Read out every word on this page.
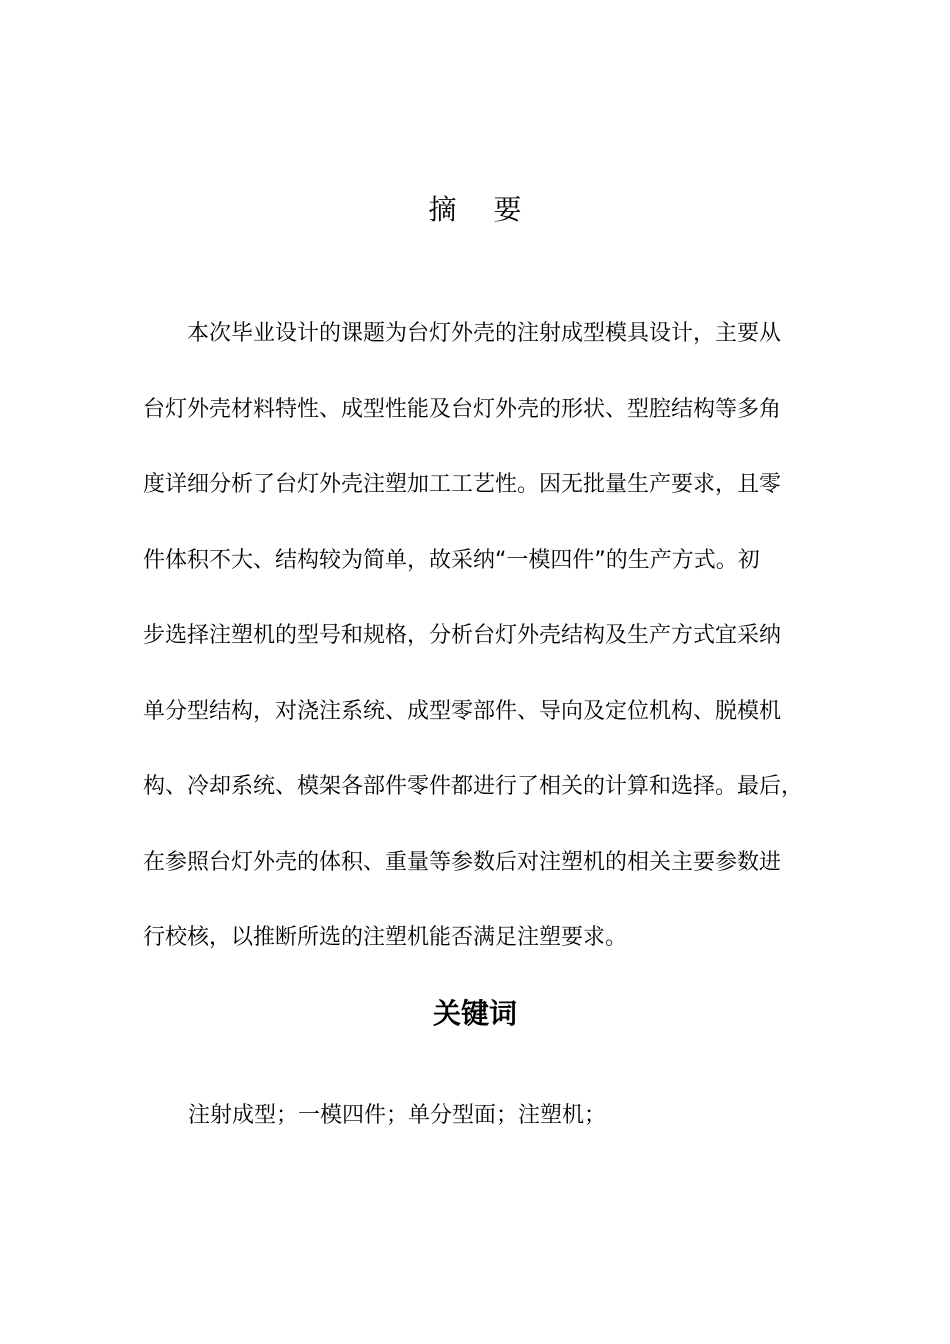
摘 要
本次毕业设计的课题为台灯外壳的注射成型模具设计，主要从
台灯外壳材料特性、成型性能及台灯外壳的形状、型腔结构等多角
度详细分析了台灯外壳注塑加工工艺性。因无批量生产要求，且零
件体积不大、结构较为简单，故采纳“一模四件”的生产方式。初
步选择注塑机的型号和规格，分析台灯外壳结构及生产方式宜采纳
单分型结构，对浇注系统、成型零部件、导向及定位机构、脱模机
构、冷却系统、模架各部件零件都进行了相关的计算和选择。最后，
在参照台灯外壳的体积、重量等参数后对注塑机的相关主要参数进
行校核，以推断所选的注塑机能否满足注塑要求。
关键词
注射成型；一模四件；单分型面；注塑机；
